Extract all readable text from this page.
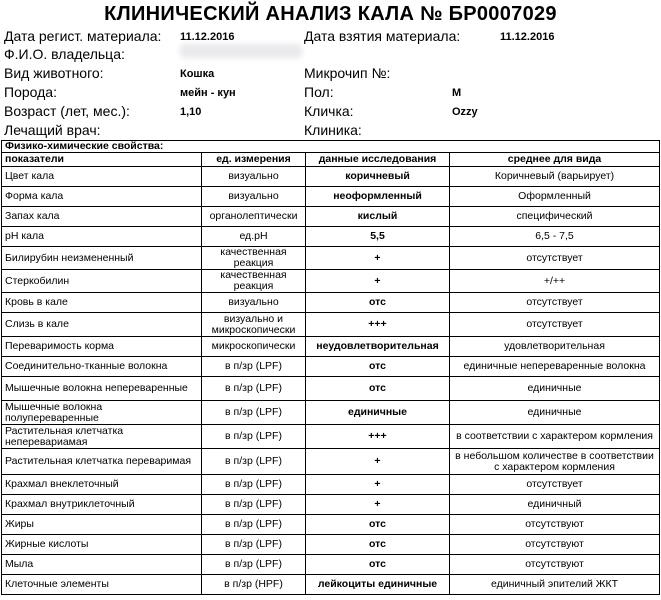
КЛИНИЧЕСКИЙ АНАЛИЗ КАЛА № БР0007029
Дата регист. материала: 11.12.2016	Дата взятия материала:	11.12.2016
Ф.И.О. владельца:
Вид животного:	Кошка	Микрочип №:
Порода:	мейн - кун	Пол:	М
Возраст (лет, мес.):	1,10	Кличка:	Ozzy
Лечащий врач:	Клиника:
Физико-химические свойства:			
показатели	ед. измерения	данные исследования	среднее для вида
Цвет кала	визуально	коричневый	Коричневый (варьирует)
Форма кала	визуально	неоформленный	Оформленный
Запах кала	органолептически	кислый	специфический
pH кала	ед.pH	5,5	6,5 - 7,5
Билирубин неизмененный	качественная реакция	+	отсутствует
Стеркобилин	качественная реакция	+	+/++
Кровь в кале	визуально	отс	отсутствует
Слизь в кале	визуально и микроскопически	+++	отсутствует
Переваримость корма	микроскопически	неудовлетворительная	удовлетворительная
Соединительно-тканные волокна	в п/зр (LPF)	отс	единичные непереваренные волокна
Мышечные волокна непереваренные	в п/зр (LPF)	отс	единичные
Мышечные волокна полупереваренные	в п/зр (LPF)	единичные	единичные
Растительная клетчатка неперевариамая	в п/зр (LPF)	+++	в соответствии с характером кормления
Растительная клетчатка переваримая	в п/зр (LPF)	+	в небольшом количестве в соответствии с характером кормления
Крахмал внеклеточный	в п/зр (LPF)	+	отсутствует
Крахмал внутриклеточный	в п/зр (LPF)	+	единичный
Жиры	в п/зр (LPF)	отс	отсутствуют
Жирные кислоты	в п/зр (LPF)	отс	отсутствуют
Мыла	в п/зр (LPF)	отс	отсутствуют
Клеточные элементы	в п/зр (HPF)	лейкоциты единичные	единичный эпителий ЖКТ
